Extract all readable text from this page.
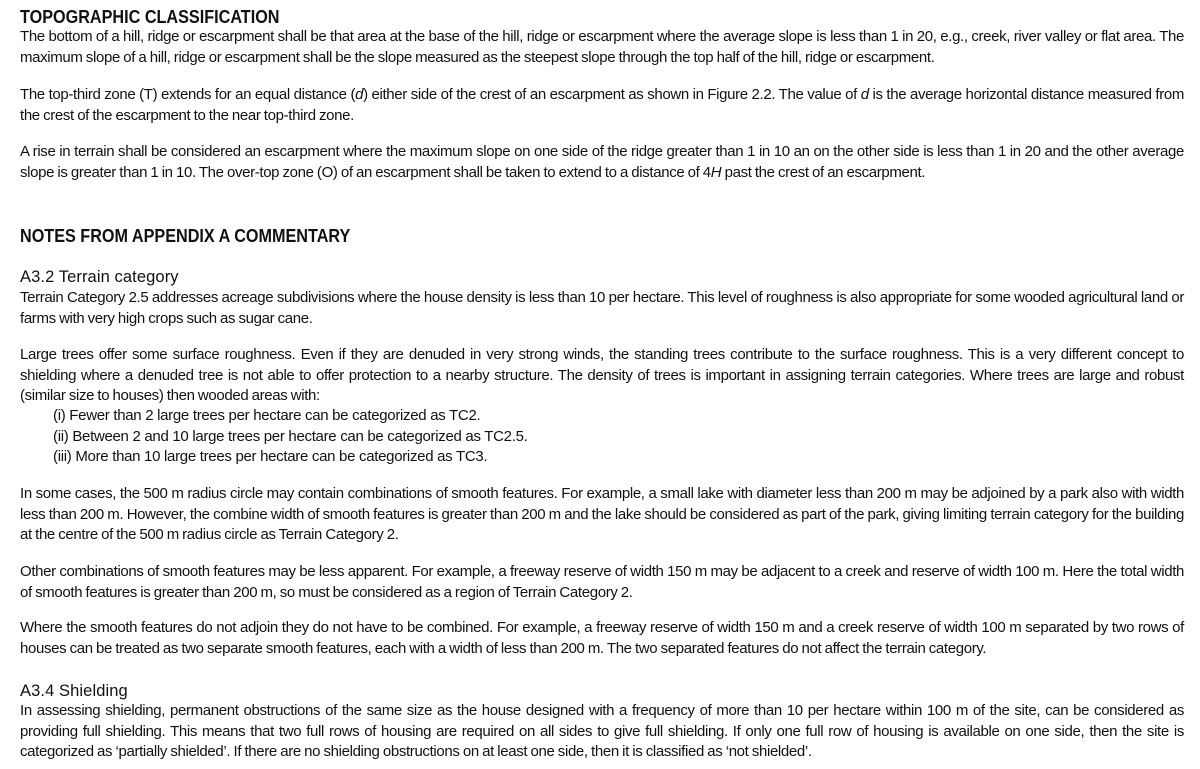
TOPOGRAPHIC CLASSIFICATION
The bottom of a hill, ridge or escarpment shall be that area at the base of the hill, ridge or escarpment where the average slope is less than 1 in 20, e.g., creek, river valley or flat area. The maximum slope of a hill, ridge or escarpment shall be the slope measured as the steepest slope through the top half of the hill, ridge or escarpment.
The top-third zone (T) extends for an equal distance (d) either side of the crest of an escarpment as shown in Figure 2.2. The value of d is the average horizontal distance measured from the crest of the escarpment to the near top-third zone.
A rise in terrain shall be considered an escarpment where the maximum slope on one side of the ridge greater than 1 in 10 an on the other side is less than 1 in 20 and the other average slope is greater than 1 in 10. The over-top zone (O) of an escarpment shall be taken to extend to a distance of 4H past the crest of an escarpment.
NOTES FROM APPENDIX A COMMENTARY
A3.2 Terrain category
Terrain Category 2.5 addresses acreage subdivisions where the house density is less than 10 per hectare. This level of roughness is also appropriate for some wooded agricultural land or farms with very high crops such as sugar cane.
Large trees offer some surface roughness. Even if they are denuded in very strong winds, the standing trees contribute to the surface roughness. This is a very different concept to shielding where a denuded tree is not able to offer protection to a nearby structure. The density of trees is important in assigning terrain categories. Where trees are large and robust (similar size to houses) then wooded areas with:
(i) Fewer than 2 large trees per hectare can be categorized as TC2.
(ii) Between 2 and 10 large trees per hectare can be categorized as TC2.5.
(iii) More than 10 large trees per hectare can be categorized as TC3.
In some cases, the 500 m radius circle may contain combinations of smooth features. For example, a small lake with diameter less than 200 m may be adjoined by a park also with width less than 200 m. However, the combine width of smooth features is greater than 200 m and the lake should be considered as part of the park, giving limiting terrain category for the building at the centre of the 500 m radius circle as Terrain Category 2.
Other combinations of smooth features may be less apparent. For example, a freeway reserve of width 150 m may be adjacent to a creek and reserve of width 100 m. Here the total width of smooth features is greater than 200 m, so must be considered as a region of Terrain Category 2.
Where the smooth features do not adjoin they do not have to be combined. For example, a freeway reserve of width 150 m and a creek reserve of width 100 m separated by two rows of houses can be treated as two separate smooth features, each with a width of less than 200 m. The two separated features do not affect the terrain category.
A3.4 Shielding
In assessing shielding, permanent obstructions of the same size as the house designed with a frequency of more than 10 per hectare within 100 m of the site, can be considered as providing full shielding. This means that two full rows of housing are required on all sides to give full shielding. If only one full row of housing is available on one side, then the site is categorized as ‘partially shielded’. If there are no shielding obstructions on at least one side, then it is classified as ‘not shielded’.
